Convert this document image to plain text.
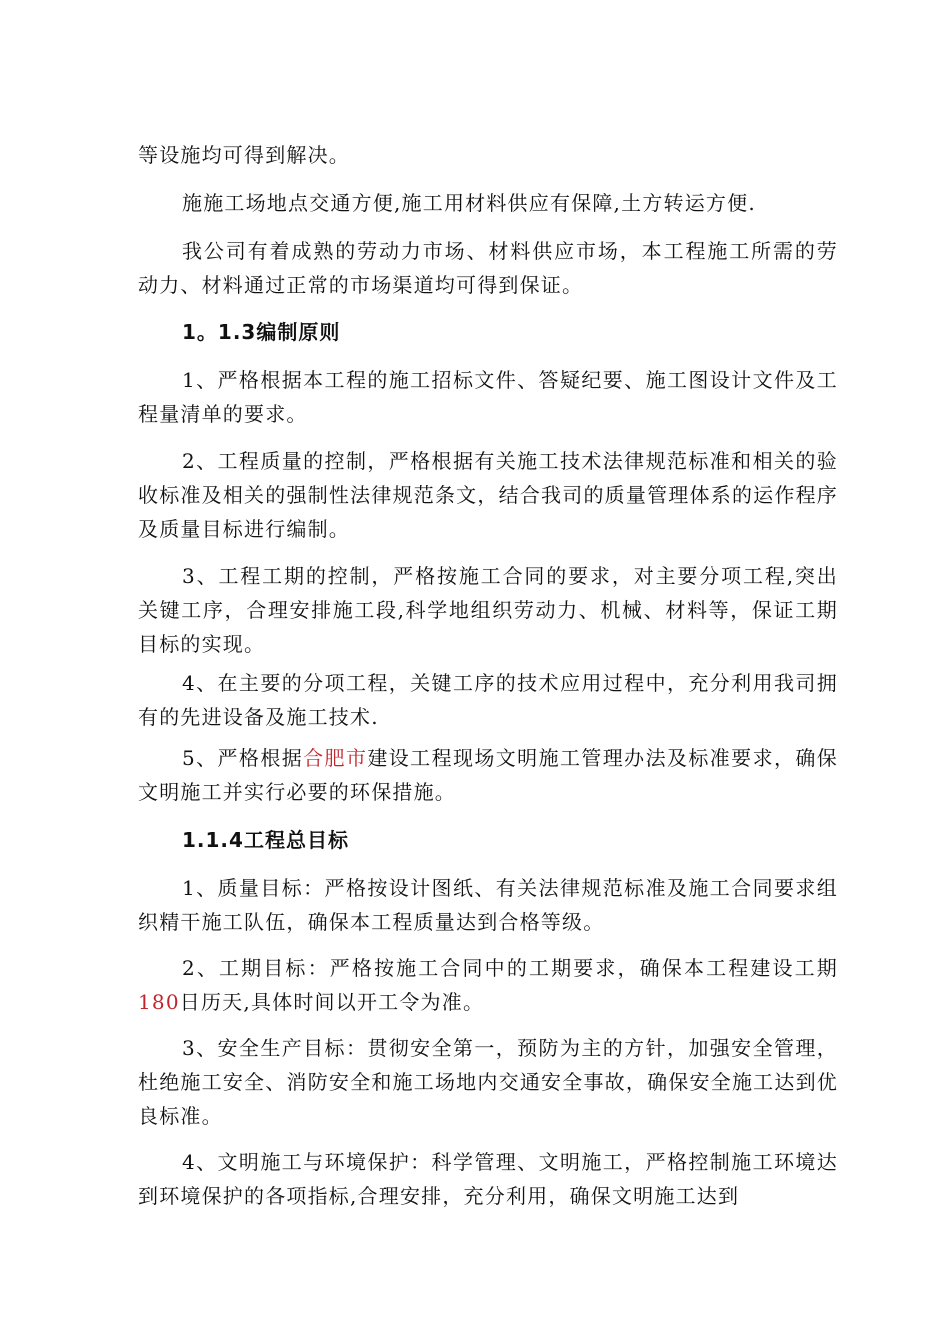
等设施均可得到解决。

施施工场地点交通方便,施工用材料供应有保障,土方转运方便.

我公司有着成熟的劳动力市场、材料供应市场，本工程施工所需的劳动力、材料通过正常的市场渠道均可得到保证。

1。1.3编制原则

1、严格根据本工程的施工招标文件、答疑纪要、施工图设计文件及工程量清单的要求。

2、工程质量的控制，严格根据有关施工技术法律规范标准和相关的验收标准及相关的强制性法律规范条文，结合我司的质量管理体系的运作程序及质量目标进行编制。

3、工程工期的控制，严格按施工合同的要求，对主要分项工程,突出关键工序，合理安排施工段,科学地组织劳动力、机械、材料等，保证工期目标的实现。

4、在主要的分项工程，关键工序的技术应用过程中，充分利用我司拥有的先进设备及施工技术.

5、严格根据合肥市建设工程现场文明施工管理办法及标准要求，确保文明施工并实行必要的环保措施。

1.1.4工程总目标

1、质量目标：严格按设计图纸、有关法律规范标准及施工合同要求组织精干施工队伍，确保本工程质量达到合格等级。

2、工期目标：严格按施工合同中的工期要求，确保本工程建设工期180日历天,具体时间以开工令为准。

3、安全生产目标：贯彻安全第一，预防为主的方针，加强安全管理，杜绝施工安全、消防安全和施工场地内交通安全事故，确保安全施工达到优良标准。

4、文明施工与环境保护：科学管理、文明施工，严格控制施工环境达到环境保护的各项指标,合理安排，充分利用，确保文明施工达到
